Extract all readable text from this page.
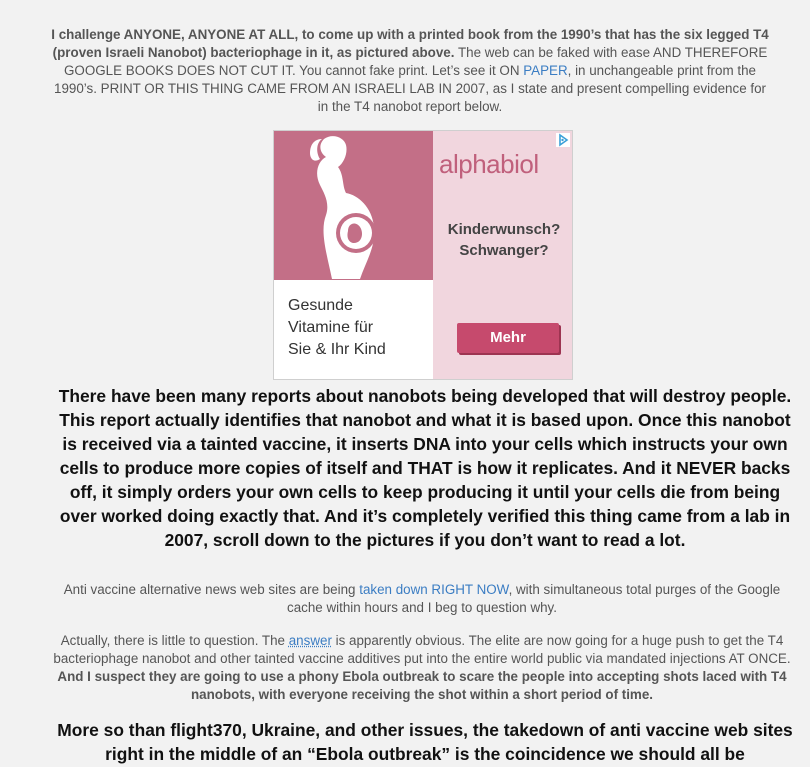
I challenge ANYONE, ANYONE AT ALL, to come up with a printed book from the 1990’s that has the six legged T4 (proven Israeli Nanobot) bacteriophage in it, as pictured above. The web can be faked with ease AND THEREFORE GOOGLE BOOKS DOES NOT CUT IT. You cannot fake print. Let’s see it ON PAPER, in unchangeable print from the 1990’s. PRINT OR THIS THING CAME FROM AN ISRAELI LAB IN 2007, as I state and present compelling evidence for in the T4 nanobot report below.

alphabiol
Kinderwunsch?
Schwanger?
Gesunde
Vitamine für
Sie & Ihr Kind
Mehr

There have been many reports about nanobots being developed that will destroy people. This report actually identifies that nanobot and what it is based upon. Once this nanobot is received via a tainted vaccine, it inserts DNA into your cells which instructs your own cells to produce more copies of itself and THAT is how it replicates. And it NEVER backs off, it simply orders your own cells to keep producing it until your cells die from being over worked doing exactly that. And it’s completely verified this thing came from a lab in 2007, scroll down to the pictures if you don’t want to read a lot.

Anti vaccine alternative news web sites are being taken down RIGHT NOW, with simultaneous total purges of the Google cache within hours and I beg to question why.

Actually, there is little to question. The answer is apparently obvious. The elite are now going for a huge push to get the T4 bacteriophage nanobot and other tainted vaccine additives put into the entire world public via mandated injections AT ONCE. And I suspect they are going to use a phony Ebola outbreak to scare the people into accepting shots laced with T4 nanobots, with everyone receiving the shot within a short period of time.

More so than flight370, Ukraine, and other issues, the takedown of anti vaccine web sites right in the middle of an “Ebola outbreak” is the coincidence we should all be
